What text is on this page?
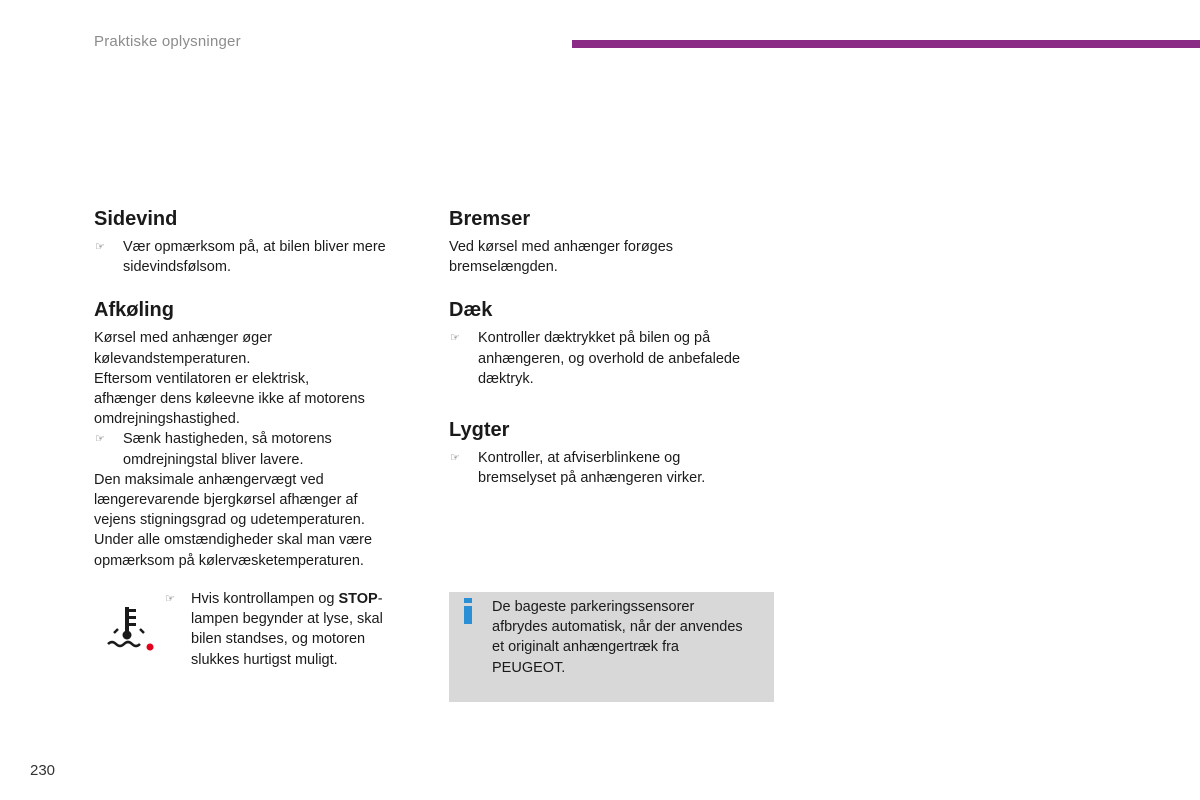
Praktiske oplysninger
Sidevind
☞ Vær opmærksom på, at bilen bliver mere
sidevindsfølsom.
Afkøling
Kørsel med anhænger øger
kølevandstemperaturen.
Eftersom ventilatoren er elektrisk,
afhænger dens køleevne ikke af motorens
omdrejningshastighed.
☞ Sænk hastigheden, så motorens
omdrejningstal bliver lavere.
Den maksimale anhængervægt ved
længerevarende bjergkørsel afhænger af
vejens stigningsgrad og udetemperaturen.
Under alle omstændigheder skal man være
opmærksom på kølervæsketemperaturen.
☞ Hvis kontrollampen og STOP-
lampen begynder at lyse, skal
bilen standses, og motoren
slukkes hurtigst muligt.
Bremser
Ved kørsel med anhænger forøges
bremselængden.
Dæk
☞ Kontroller dæktrykket på bilen og på
anhængeren, og overhold de anbefalede
dæktryk.
Lygter
☞ Kontroller, at afviserblinkene og
bremselyset på anhængeren virker.
De bageste parkeringssensorer
afbrydes automatisk, når der anvendes
et originalt anhængertræk fra
PEUGEOT.
230
